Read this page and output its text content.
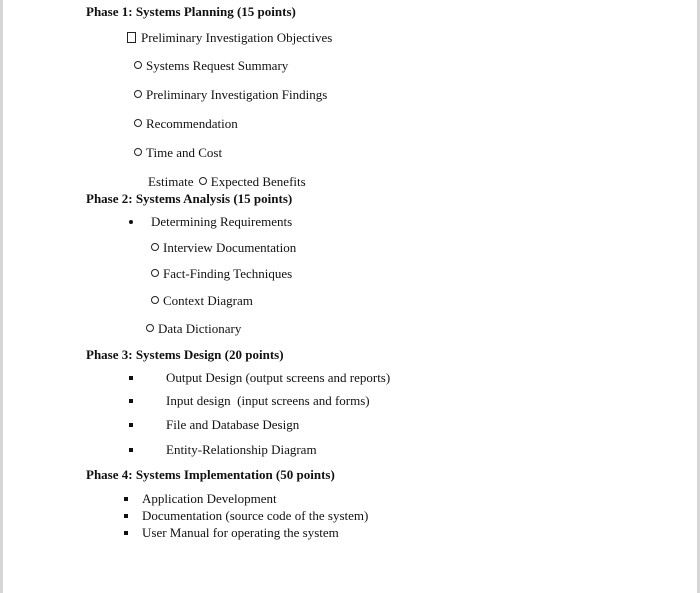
Phase 1: Systems Planning (15 points)
Preliminary Investigation Objectives
Systems Request Summary
Preliminary Investigation Findings
Recommendation
Time and Cost
Estimate Expected Benefits
Phase 2: Systems Analysis (15 points)
Determining Requirements
Interview Documentation
Fact-Finding Techniques
Context Diagram
Data Dictionary
Phase 3: Systems Design (20 points)
Output Design (output screens and reports)
Input design  (input screens and forms)
File and Database Design
Entity-Relationship Diagram
Phase 4: Systems Implementation (50 points)
Application Development
Documentation (source code of the system)
User Manual for operating the system
